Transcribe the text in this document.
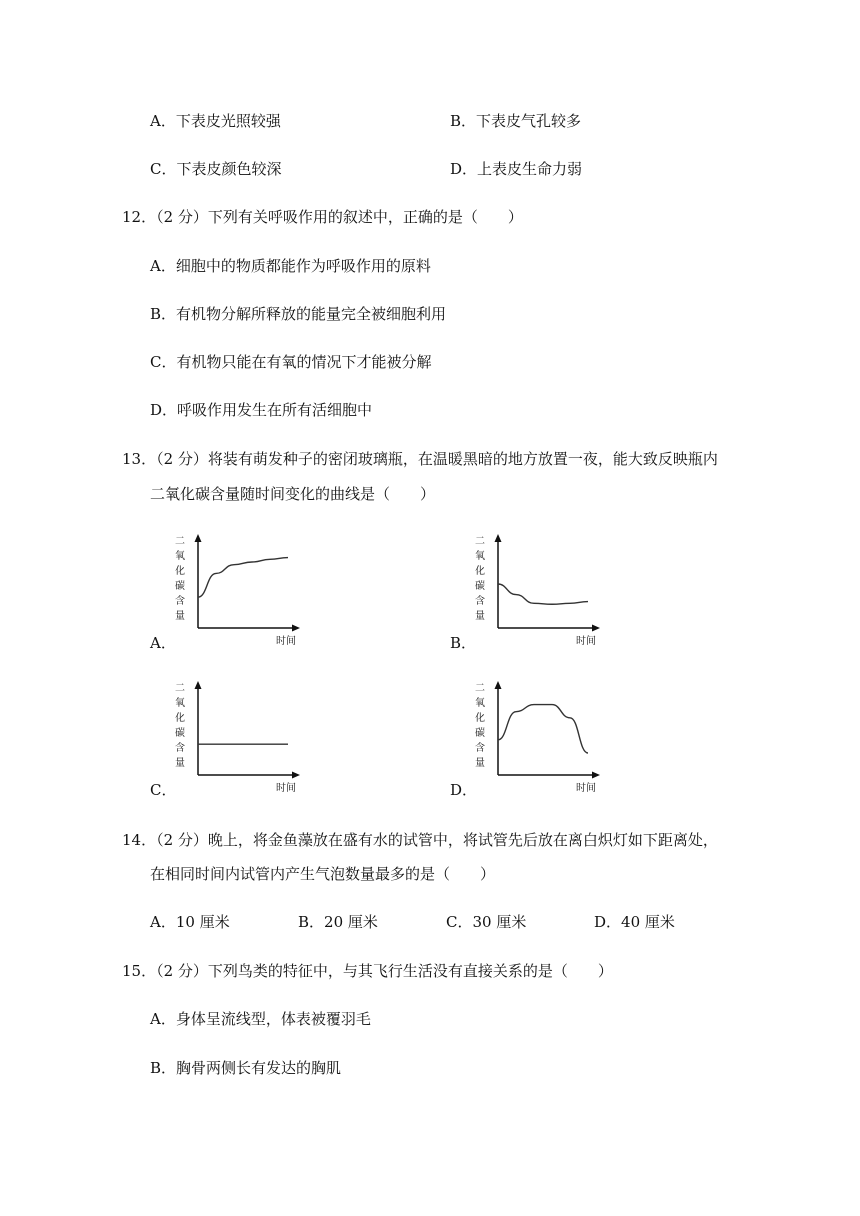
A．下表皮光照较强	B．下表皮气孔较多
C．下表皮颜色较深	D．上表皮生命力弱
12．（2 分）下列有关呼吸作用的叙述中，正确的是（　　）
A．细胞中的物质都能作为呼吸作用的原料
B．有机物分解所释放的能量完全被细胞利用
C．有机物只能在有氧的情况下才能被分解
D．呼吸作用发生在所有活细胞中
13．（2 分）将装有萌发种子的密闭玻璃瓶，在温暖黑暗的地方放置一夜，能大致反映瓶内
二氧化碳含量随时间变化的曲线是（　　）
A．	B．
C．	D．
二
氧
化
碳
含
量
时间
二
氧
化
碳
含
量
时间
二
氧
化
碳
含
量
时间
二
氧
化
碳
含
量
时间
14．（2 分）晚上，将金鱼藻放在盛有水的试管中，将试管先后放在离白炽灯如下距离处，
在相同时间内试管内产生气泡数量最多的是（　　）
A．10 厘米	B．20 厘米	C．30 厘米	D．40 厘米
15．（2 分）下列鸟类的特征中，与其飞行生活没有直接关系的是（　　）
A．身体呈流线型，体表被覆羽毛
B．胸骨两侧长有发达的胸肌
